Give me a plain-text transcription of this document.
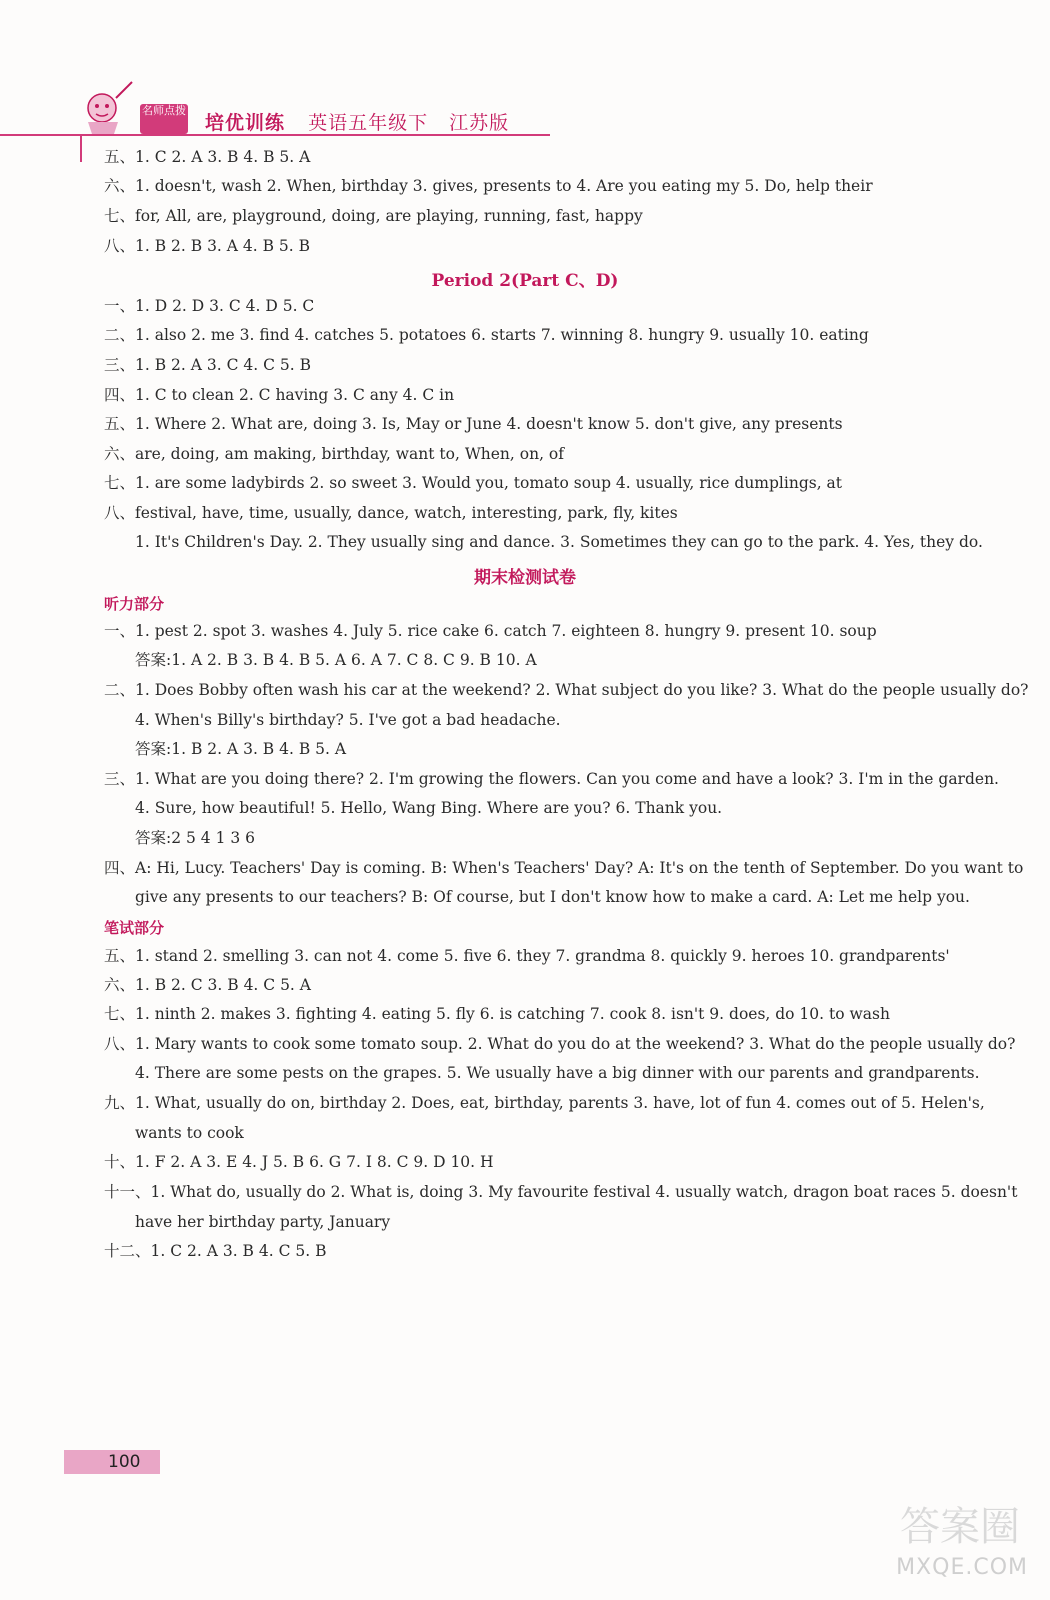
名师点拨
培优训练 英语五年级下 江苏版
五、1. C 2. A 3. B 4. B 5. A
六、1. doesn't, wash 2. When, birthday 3. gives, presents to 4. Are you eating my 5. Do, help their
七、for, All, are, playground, doing, are playing, running, fast, happy
八、1. B 2. B 3. A 4. B 5. B
Period 2(Part C、D)
一、1. D 2. D 3. C 4. D 5. C
二、1. also 2. me 3. find 4. catches 5. potatoes 6. starts 7. winning 8. hungry 9. usually 10. eating
三、1. B 2. A 3. C 4. C 5. B
四、1. C to clean 2. C having 3. C any 4. C in
五、1. Where 2. What are, doing 3. Is, May or June 4. doesn't know 5. don't give, any presents
六、are, doing, am making, birthday, want to, When, on, of
七、1. are some ladybirds 2. so sweet 3. Would you, tomato soup 4. usually, rice dumplings, at
八、festival, have, time, usually, dance, watch, interesting, park, fly, kites
1. It's Children's Day. 2. They usually sing and dance. 3. Sometimes they can go to the park. 4. Yes, they do.
期末检测试卷
听力部分
一、1. pest 2. spot 3. washes 4. July 5. rice cake 6. catch 7. eighteen 8. hungry 9. present 10. soup
答案:1. A 2. B 3. B 4. B 5. A 6. A 7. C 8. C 9. B 10. A
二、1. Does Bobby often wash his car at the weekend? 2. What subject do you like? 3. What do the people usually do?
4. When's Billy's birthday? 5. I've got a bad headache.
答案:1. B 2. A 3. B 4. B 5. A
三、1. What are you doing there? 2. I'm growing the flowers. Can you come and have a look? 3. I'm in the garden.
4. Sure, how beautiful! 5. Hello, Wang Bing. Where are you? 6. Thank you.
答案:2 5 4 1 3 6
四、A: Hi, Lucy. Teachers' Day is coming. B: When's Teachers' Day? A: It's on the tenth of September. Do you want to
give any presents to our teachers? B: Of course, but I don't know how to make a card. A: Let me help you.
笔试部分
五、1. stand 2. smelling 3. can not 4. come 5. five 6. they 7. grandma 8. quickly 9. heroes 10. grandparents'
六、1. B 2. C 3. B 4. C 5. A
七、1. ninth 2. makes 3. fighting 4. eating 5. fly 6. is catching 7. cook 8. isn't 9. does, do 10. to wash
八、1. Mary wants to cook some tomato soup. 2. What do you do at the weekend? 3. What do the people usually do?
4. There are some pests on the grapes. 5. We usually have a big dinner with our parents and grandparents.
九、1. What, usually do on, birthday 2. Does, eat, birthday, parents 3. have, lot of fun 4. comes out of 5. Helen's,
wants to cook
十、1. F 2. A 3. E 4. J 5. B 6. G 7. I 8. C 9. D 10. H
十一、1. What do, usually do 2. What is, doing 3. My favourite festival 4. usually watch, dragon boat races 5. doesn't
have her birthday party, January
十二、1. C 2. A 3. B 4. C 5. B
100
答案圈
MXQE.COM
